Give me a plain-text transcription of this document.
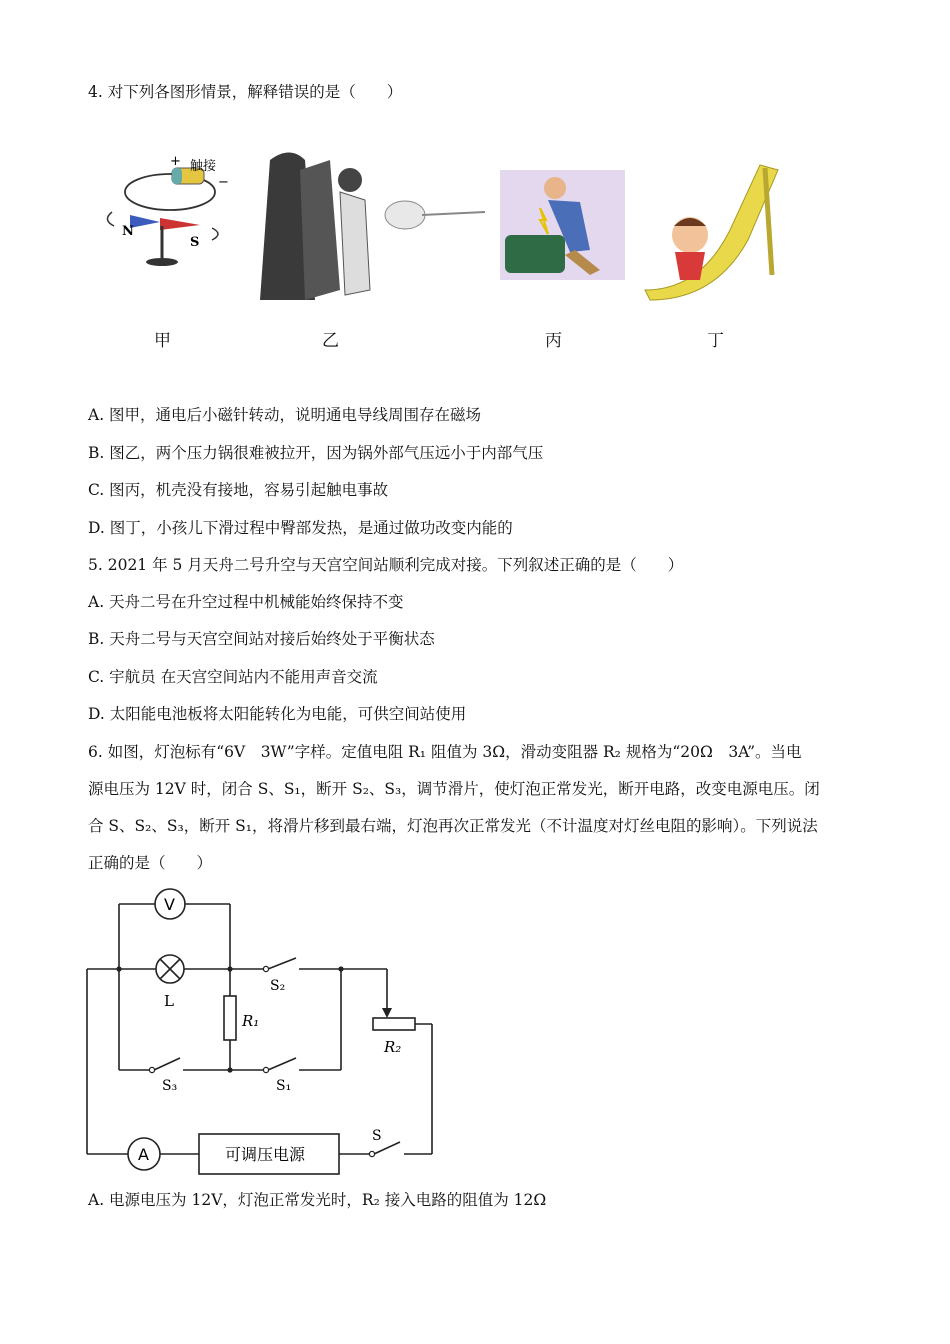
4. 对下列各图形情景，解释错误的是（　　）
+ 触接
−
N
S
甲	乙	丙	丁
A. 图甲，通电后小磁针转动，说明通电导线周围存在磁场
B. 图乙，两个压力锅很难被拉开，因为锅外部气压远小于内部气压
C. 图丙，机壳没有接地，容易引起触电事故
D. 图丁，小孩儿下滑过程中臀部发热，是通过做功改变内能的
5. 2021 年 5 月天舟二号升空与天宫空间站顺利完成对接。下列叙述正确的是（　　）
A. 天舟二号在升空过程中机械能始终保持不变
B. 天舟二号与天宫空间站对接后始终处于平衡状态
C. 宇航员 在天宫空间站内不能用声音交流
D. 太阳能电池板将太阳能转化为电能，可供空间站使用
6. 如图，灯泡标有“6V　3W”字样。定值电阻 R₁ 阻值为 3Ω，滑动变阻器 R₂ 规格为“20Ω　3A”。当电
源电压为 12V 时，闭合 S、S₁，断开 S₂、S₃，调节滑片，使灯泡正常发光，断开电路，改变电源电压。闭
合 S、S₂、S₃，断开 S₁，将滑片移到最右端，灯泡再次正常发光（不计温度对灯丝电阻的影响）。下列说法
正确的是（　　）
V
L
R₁
R₂
S₂
S₃	S₁
S
A	可调压电源
A. 电源电压为 12V，灯泡正常发光时，R₂ 接入电路的阻值为 12Ω
